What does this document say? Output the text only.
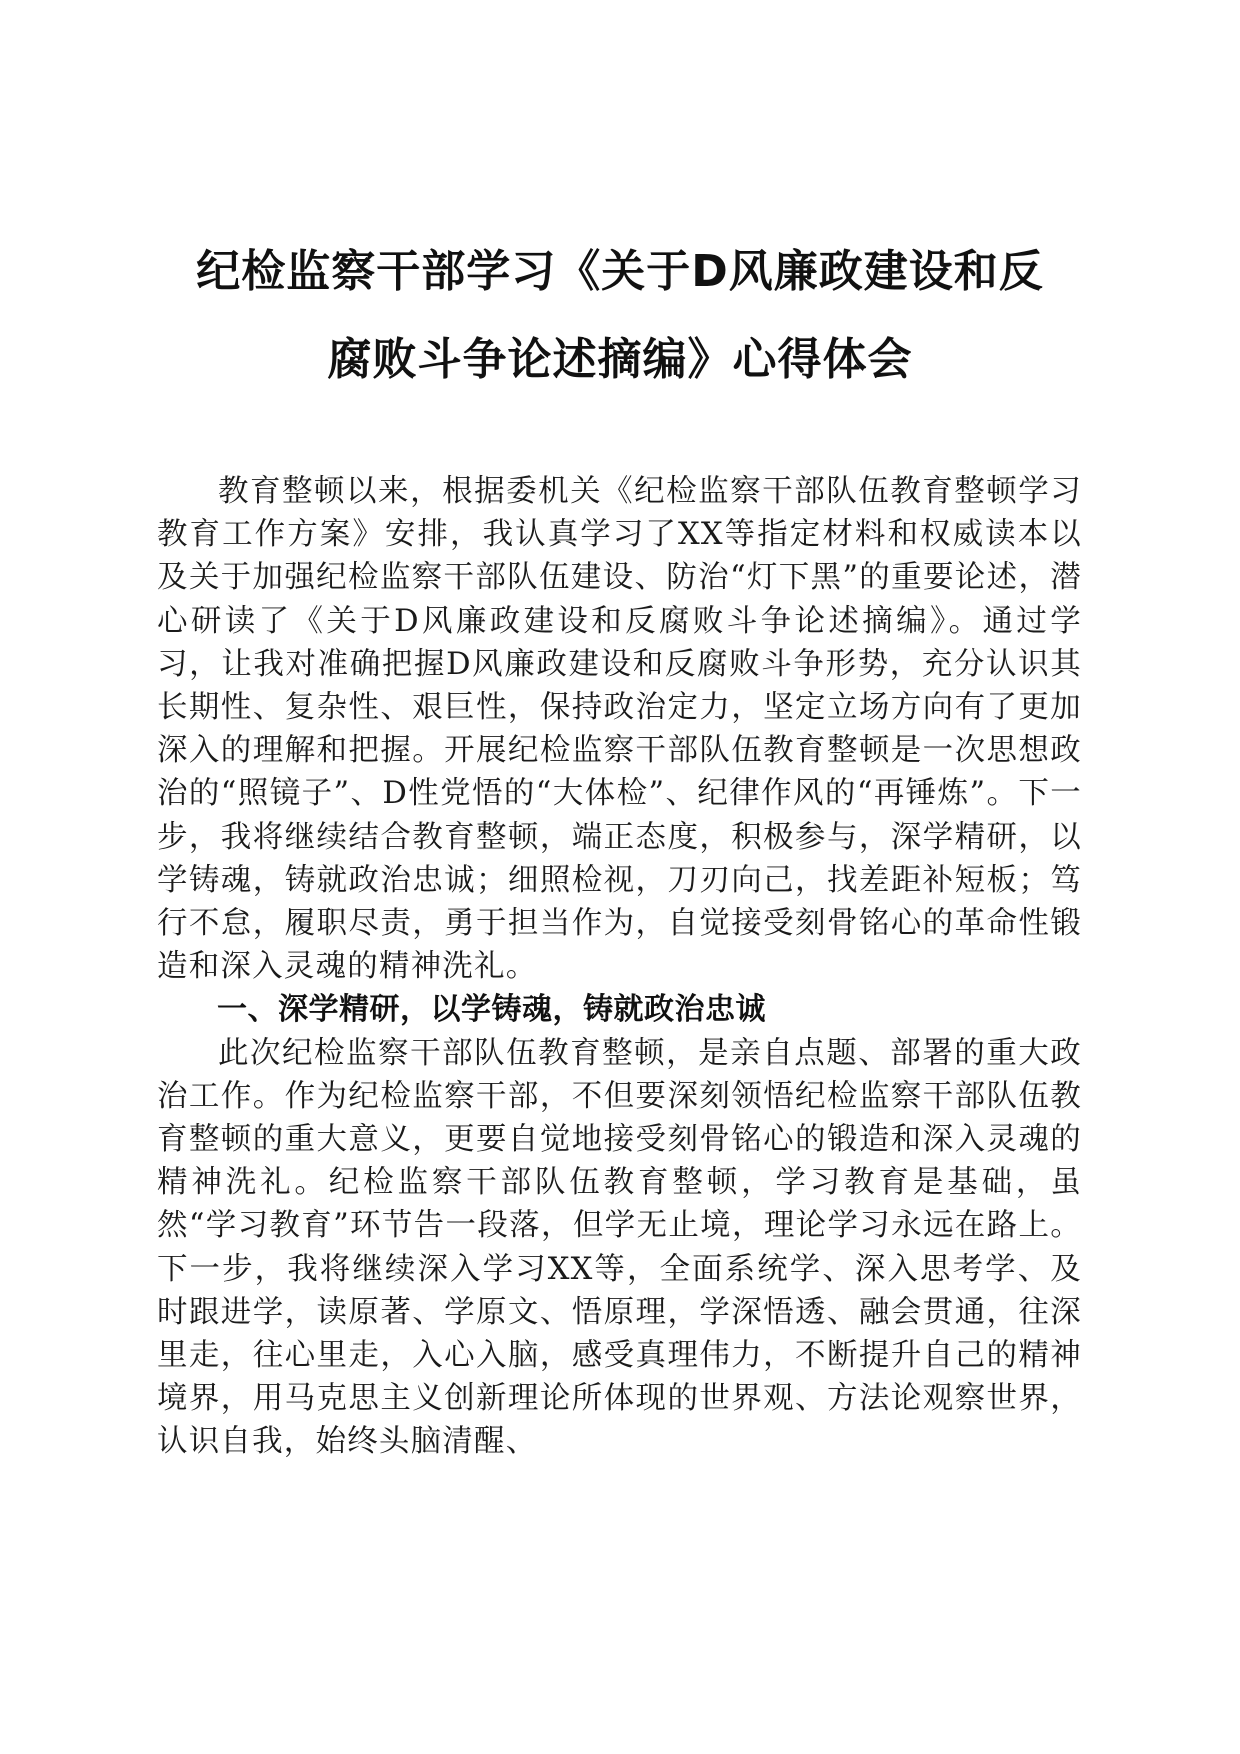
纪检监察干部学习《关于D风廉政建设和反
腐败斗争论述摘编》心得体会

教育整顿以来，根据委机关《纪检监察干部队伍教育整顿学习教育工作方案》安排，我认真学习了XX等指定材料和权威读本以及关于加强纪检监察干部队伍建设、防治“灯下黑”的重要论述，潜心研读了《关于D风廉政建设和反腐败斗争论述摘编》。通过学习，让我对准确把握D风廉政建设和反腐败斗争形势，充分认识其长期性、复杂性、艰巨性，保持政治定力，坚定立场方向有了更加深入的理解和把握。开展纪检监察干部队伍教育整顿是一次思想政治的“照镜子”、D性党悟的“大体检”、纪律作风的“再锤炼”。下一步，我将继续结合教育整顿，端正态度，积极参与，深学精研，以学铸魂，铸就政治忠诚；细照检视，刀刃向己，找差距补短板；笃行不怠，履职尽责，勇于担当作为，自觉接受刻骨铭心的革命性锻造和深入灵魂的精神洗礼。

一、深学精研，以学铸魂，铸就政治忠诚

此次纪检监察干部队伍教育整顿，是亲自点题、部署的重大政治工作。作为纪检监察干部，不但要深刻领悟纪检监察干部队伍教育整顿的重大意义，更要自觉地接受刻骨铭心的锻造和深入灵魂的精神洗礼。纪检监察干部队伍教育整顿，学习教育是基础，虽然“学习教育”环节告一段落，但学无止境，理论学习永远在路上。下一步，我将继续深入学习XX等，全面系统学、深入思考学、及时跟进学，读原著、学原文、悟原理，学深悟透、融会贯通，往深里走，往心里走，入心入脑，感受真理伟力，不断提升自己的精神境界，用马克思主义创新理论所体现的世界观、方法论观察世界，认识自我，始终头脑清醒、
